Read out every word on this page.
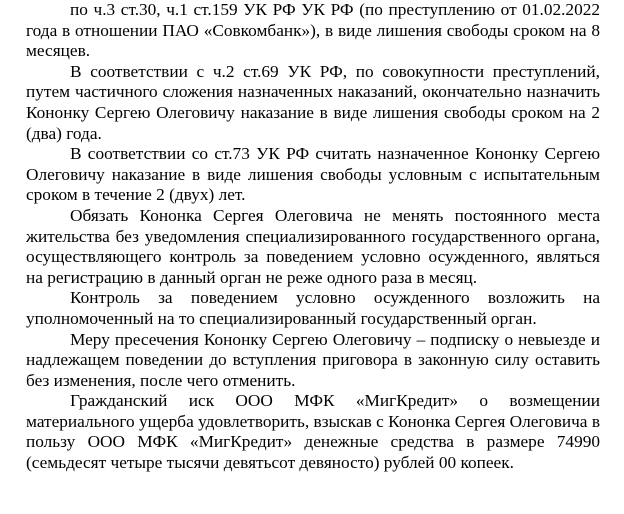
по ч.3 ст.30, ч.1 ст.159 УК РФ УК РФ (по преступлению от 01.02.2022 года в отношении ПАО «Совкомбанк»), в виде лишения свободы сроком на 8 месяцев.

В соответствии с ч.2 ст.69 УК РФ, по совокупности преступлений, путем частичного сложения назначенных наказаний, окончательно назначить Кононку Сергею Олеговичу наказание в виде лишения свободы сроком на 2 (два) года.

В соответствии со ст.73 УК РФ считать назначенное Кононку Сергею Олеговичу наказание в виде лишения свободы условным с испытательным сроком в течение 2 (двух) лет.

Обязать Кононка Сергея Олеговича не менять постоянного места жительства без уведомления специализированного государственного органа, осуществляющего контроль за поведением условно осужденного, являться на регистрацию в данный орган не реже одного раза в месяц.

Контроль за поведением условно осужденного возложить на уполномоченный на то специализированный государственный орган.

Меру пресечения Кононку Сергею Олеговичу – подписку о невыезде и надлежащем поведении до вступления приговора в законную силу оставить без изменения, после чего отменить.

Гражданский иск ООО МФК «МигКредит» о возмещении материального ущерба удовлетворить, взыскав с Кононка Сергея Олеговича в пользу ООО МФК «МигКредит» денежные средства в размере 74990 (семьдесят четыре тысячи девятьсот девяносто) рублей 00 копеек.
